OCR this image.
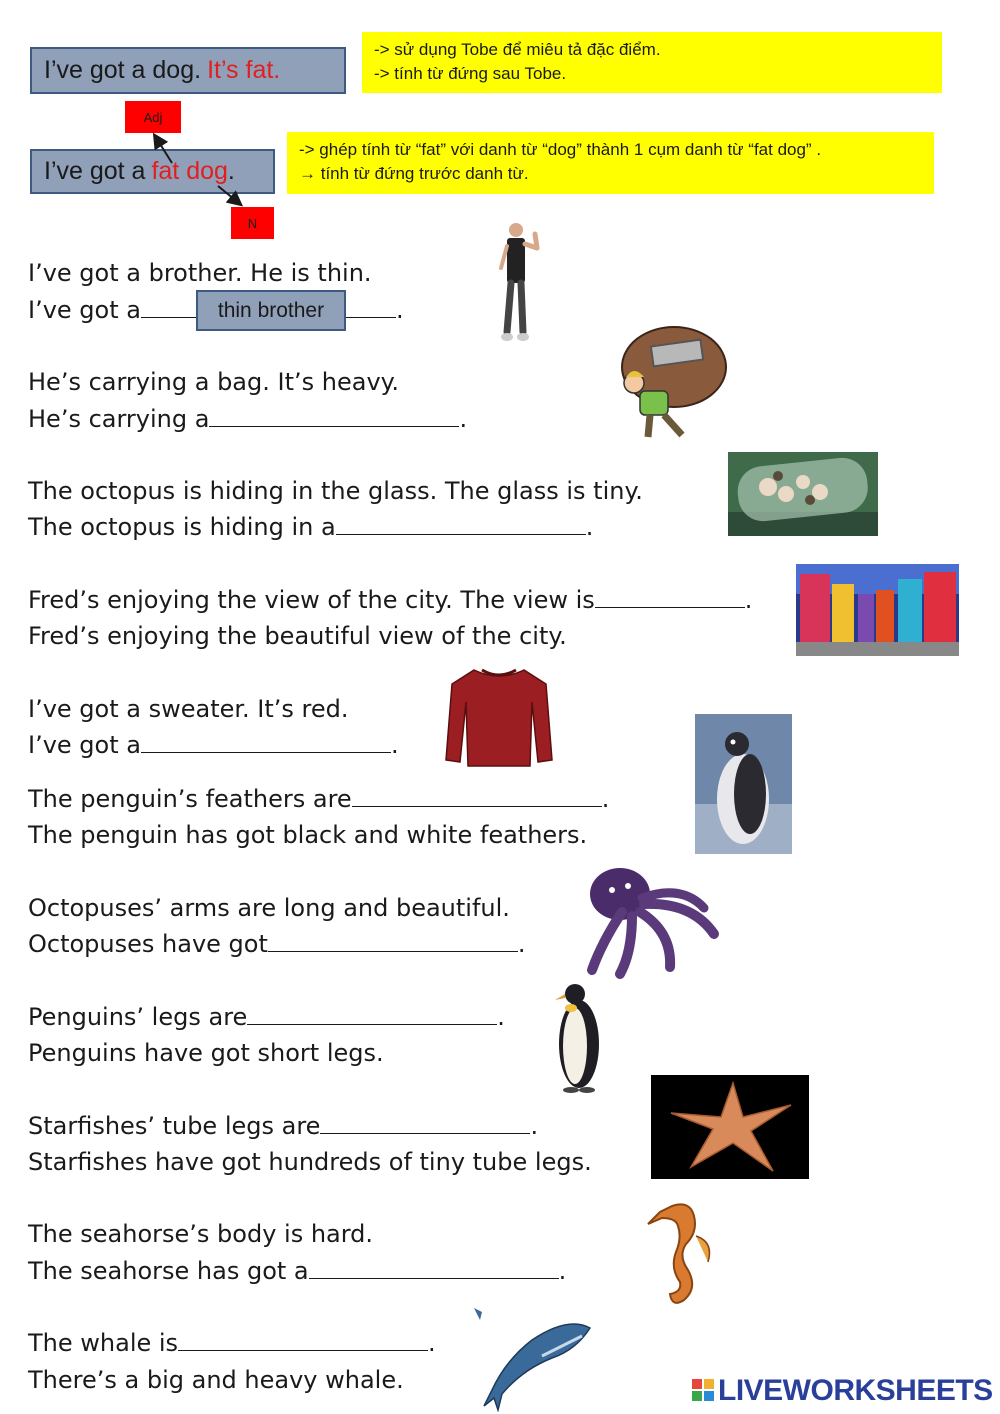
I’ve got a dog. It’s fat.
-> sử dụng Tobe để miêu tả đặc điểm.
-> tính từ đứng sau Tobe.
Adj
I’ve got a fat dog .
-> ghép tính từ “fat” với danh từ “dog” thành 1 cụm danh từ “fat dog” .
→ tính từ đứng trước danh từ.
N
I’ve got a brother. He is thin.
I’ve got a	.
thin brother
He’s carrying a bag. It’s heavy.
He’s carrying a	.
The octopus is hiding in the glass. The glass is tiny.
The octopus is hiding in a	.
Fred’s enjoying the view of the city. The view is	.
Fred’s enjoying the beautiful view of the city.
I’ve got a sweater. It’s red.
I’ve got a	.
The penguin’s feathers are	.
The penguin has got black and white feathers.
Octopuses’ arms are long and beautiful.
Octopuses have got	.
Penguins’ legs are	.
Penguins have got short legs.
Starfishes’ tube legs are	.
Starfishes have got hundreds of tiny tube legs.
The seahorse’s body is hard.
The seahorse has got a	.
The whale is	.
There’s a big and heavy whale.	LIVEWORKSHEETS
